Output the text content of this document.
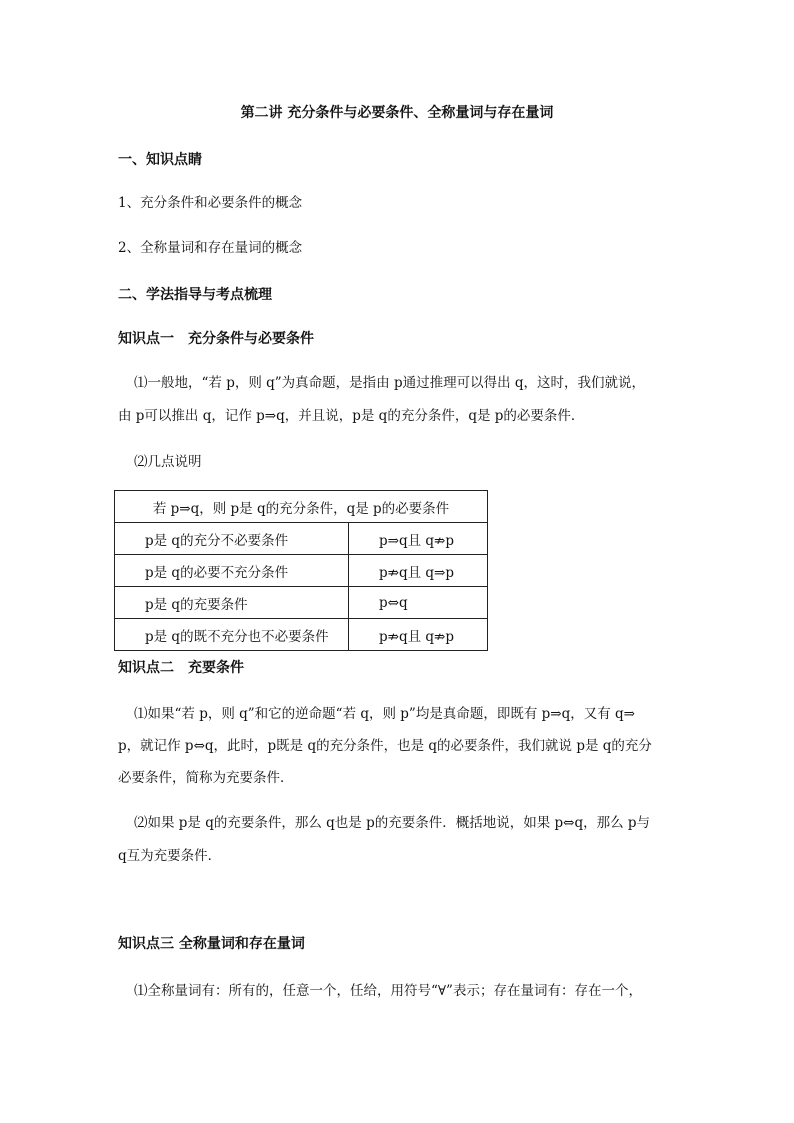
第二讲 充分条件与必要条件、全称量词与存在量词
一、知识点睛
1、充分条件和必要条件的概念
2、全称量词和存在量词的概念
二、学法指导与考点梳理
知识点一　充分条件与必要条件
⑴一般地，“若 p，则 q”为真命题，是指由 p通过推理可以得出 q，这时，我们就说，
由 p可以推出 q，记作 p⇒q，并且说，p是 q的充分条件，q是 p的必要条件．
⑵几点说明
若 p⇒q，则 p是 q的充分条件，q是 p的必要条件	
p是 q的充分不必要条件	p⇒q且 q⇏p
p是 q的必要不充分条件	p⇏q且 q⇒p
p是 q的充要条件	p⇔q
p是 q的既不充分也不必要条件	p⇏q且 q⇏p
知识点二　充要条件
⑴如果“若 p，则 q”和它的逆命题“若 q，则 p”均是真命题，即既有 p⇒q，又有 q⇒
p，就记作 p⇔q，此时，p既是 q的充分条件，也是 q的必要条件，我们就说 p是 q的充分
必要条件，简称为充要条件．
⑵如果 p是 q的充要条件，那么 q也是 p的充要条件．概括地说，如果 p⇔q，那么 p与
q互为充要条件．
知识点三 全称量词和存在量词
⑴全称量词有：所有的，任意一个，任给，用符号“∀”表示；存在量词有：存在一个，
